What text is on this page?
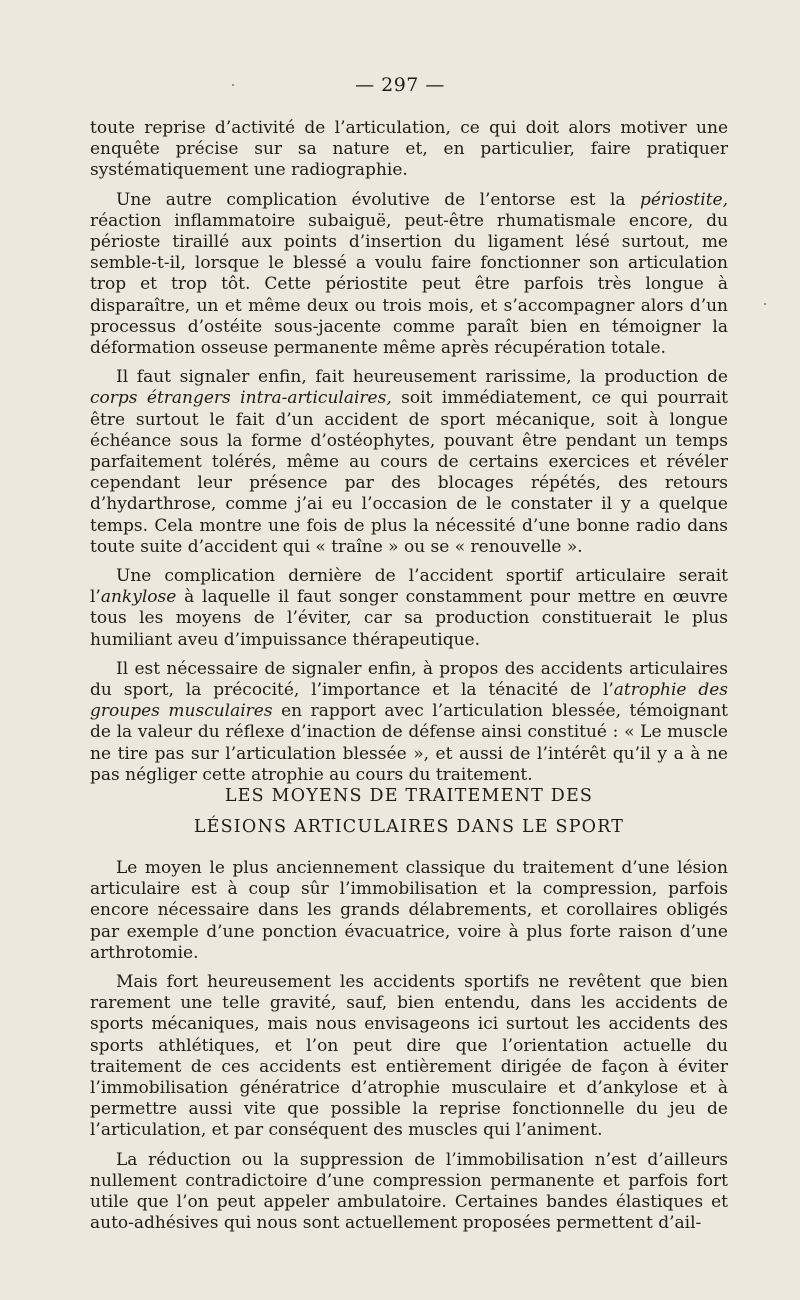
— 297 —

toute reprise d’activité de l’articulation, ce qui doit alors motiver une enquête précise sur sa nature et, en particulier, faire pratiquer systématiquement une radiographie.

Une autre complication évolutive de l’entorse est la périostite, réaction inflammatoire subaiguë, peut-être rhumatismale encore, du périoste tiraillé aux points d’insertion du ligament lésé surtout, me semble-t-il, lorsque le blessé a voulu faire fonctionner son articulation trop et trop tôt. Cette périostite peut être parfois très longue à disparaître, un et même deux ou trois mois, et s’accompagner alors d’un processus d’ostéite sous-jacente comme paraît bien en témoigner la déformation osseuse permanente même après récupération totale.

Il faut signaler enfin, fait heureusement rarissime, la production de corps étrangers intra-articulaires, soit immédiatement, ce qui pourrait être surtout le fait d’un accident de sport mécanique, soit à longue échéance sous la forme d’ostéophytes, pouvant être pendant un temps parfaitement tolérés, même au cours de certains exercices et révéler cependant leur présence par des blocages répétés, des retours d’hydarthrose, comme j’ai eu l’occasion de le constater il y a quelque temps. Cela montre une fois de plus la nécessité d’une bonne radio dans toute suite d’accident qui « traîne » ou se « renouvelle ».

Une complication dernière de l’accident sportif articulaire serait l’ankylose à laquelle il faut songer constamment pour mettre en œuvre tous les moyens de l’éviter, car sa production constituerait le plus humiliant aveu d’impuissance thérapeutique.

Il est nécessaire de signaler enfin, à propos des accidents articulaires du sport, la précocité, l’importance et la ténacité de l’atrophie des groupes musculaires en rapport avec l’articulation blessée, témoignant de la valeur du réflexe d’inaction de défense ainsi constitué : « Le muscle ne tire pas sur l’articulation blessée », et aussi de l’intérêt qu’il y a à ne pas négliger cette atrophie au cours du traitement.

LES MOYENS DE TRAITEMENT DES
LÉSIONS ARTICULAIRES DANS LE SPORT

Le moyen le plus anciennement classique du traitement d’une lésion articulaire est à coup sûr l’immobilisation et la compression, parfois encore nécessaire dans les grands délabrements, et corollaires obligés par exemple d’une ponction évacuatrice, voire à plus forte raison d’une arthrotomie.

Mais fort heureusement les accidents sportifs ne revêtent que bien rarement une telle gravité, sauf, bien entendu, dans les accidents de sports mécaniques, mais nous envisageons ici surtout les accidents des sports athlétiques, et l’on peut dire que l’orientation actuelle du traitement de ces accidents est entièrement dirigée de façon à éviter l’immobilisation génératrice d’atrophie musculaire et d’ankylose et à permettre aussi vite que possible la reprise fonctionnelle du jeu de l’articulation, et par conséquent des muscles qui l’animent.

La réduction ou la suppression de l’immobilisation n’est d’ailleurs nullement contradictoire d’une compression permanente et parfois fort utile que l’on peut appeler ambulatoire. Certaines bandes élastiques et auto-adhésives qui nous sont actuellement proposées permettent d’ail-
